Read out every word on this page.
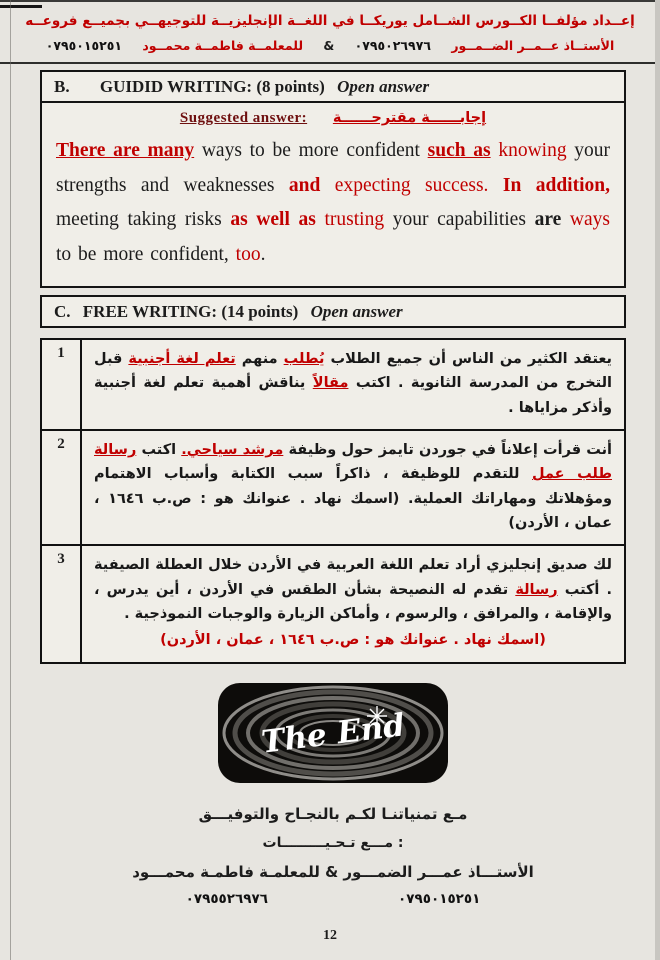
إعــداد مؤلفــا الكــورس الشــامل يوريكــا في اللغــة الإنجليزيــة للتوجيهــي بجميــع فروعــه
الأستــاذ عــمــر الضــمــور ٠٧٩٥٠٢٦٩٧٦ & للمعلمــة فاطمــة محمــود ٠٧٩٥٠١٥٢٥١
B. GUIDID WRITING: (8 points) Open answer
Suggested answer: إجابــــــة مقترحــــــة

There are many ways to be more confident such as knowing your strengths and weaknesses and expecting success. In addition, meeting taking risks as well as trusting your capabilities are ways to be more confident, too.

C. FREE WRITING: (14 points) Open answer
1	يعتقد الكثير من الناس أن جميع الطلاب يُطلب منهم تعلم لغة أجنبية قبل التخرج من المدرسة الثانوية . اكتب مقالاً يناقش أهمية تعلم لغة أجنبية وأذكر مزاياها .
2	أنت قرأت إعلاناً في جوردن تايمز حول وظيفة مرشد سياحي. اكتب رسالة طلب عمل للتقدم للوظيفة ، ذاكراً سبب الكتابة وأسباب الاهتمام ومؤهلاتك ومهاراتك العملية. (اسمك نهاد . عنوانك هو : ص.ب ١٦٤٦ ، عمان ، الأردن)
3	لك صديق إنجليزي أراد تعلم اللغة العربية في الأردن خلال العطلة الصيفية . أكتب رسالة تقدم له النصيحة بشأن الطقس في الأردن ، أين يدرس ، والإقامة ، والمرافق ، والرسوم ، وأماكن الزيارة والوجبات النموذجية .
(اسمك نهاد . عنوانك هو : ص.ب ١٦٤٦ ، عمان ، الأردن)
The End
مـع تمنياتنـا لكـم بالنجـاح والتوفيـــق
مـــع تـحـيـــــــــات :
الأستـــاذ عمـــر الضمـــور & للمعلمـة فاطمـة محمـــود
٠٧٩٥٥٢٦٩٧٦	٠٧٩٥٠١٥٢٥١
12
